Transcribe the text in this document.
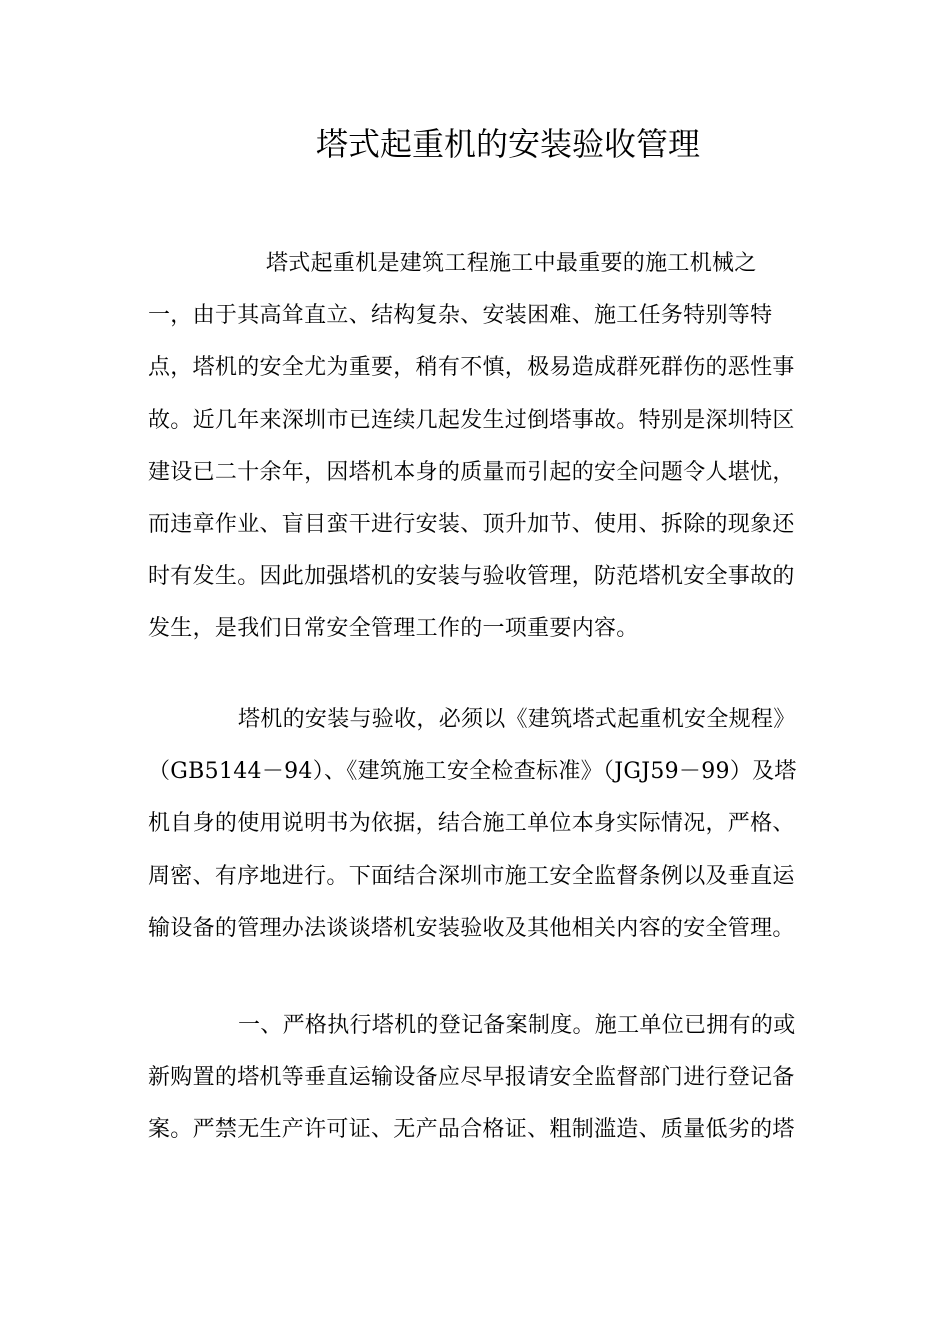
塔式起重机的安装验收管理
塔式起重机是建筑工程施工中最重要的施工机械之
一，由于其高耸直立、结构复杂、安装困难、施工任务特别等特
点，塔机的安全尤为重要，稍有不慎，极易造成群死群伤的恶性事
故。近几年来深圳市已连续几起发生过倒塔事故。特别是深圳特区
建设已二十余年，因塔机本身的质量而引起的安全问题令人堪忧，
而违章作业、盲目蛮干进行安装、顶升加节、使用、拆除的现象还
时有发生。因此加强塔机的安装与验收管理，防范塔机安全事故的
发生，是我们日常安全管理工作的一项重要内容。
塔机的安装与验收，必须以《建筑塔式起重机安全规程》
（GB5144－94）、《建筑施工安全检查标准》（JGJ59－99）及塔
机自身的使用说明书为依据，结合施工单位本身实际情况，严格、
周密、有序地进行。下面结合深圳市施工安全监督条例以及垂直运
输设备的管理办法谈谈塔机安装验收及其他相关内容的安全管理。
一、严格执行塔机的登记备案制度。施工单位已拥有的或
新购置的塔机等垂直运输设备应尽早报请安全监督部门进行登记备
案。严禁无生产许可证、无产品合格证、粗制滥造、质量低劣的塔
